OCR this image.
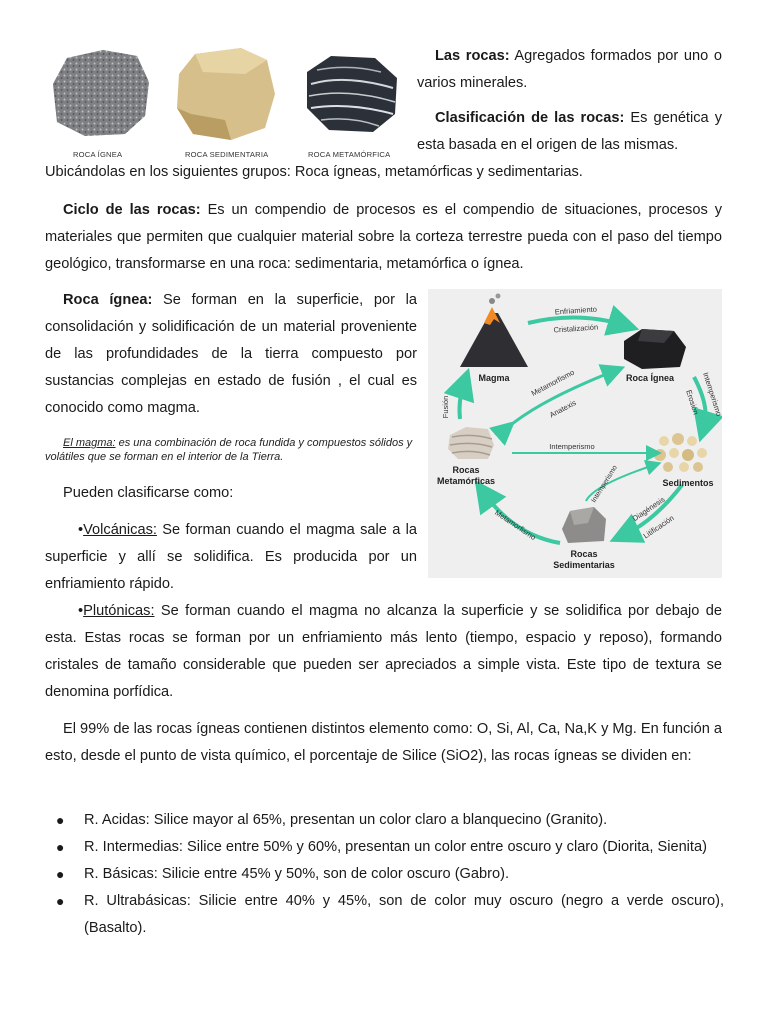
ROCA ÍGNEA	ROCA SEDIMENTARIA	ROCA METAMÓRFICA

Las rocas: Agregados formados por uno o varios minerales.

Clasificación de las rocas: Es genética y esta basada en el origen de las mismas.

Ubicándolas en los siguientes grupos: Roca ígneas, metamórficas y sedimentarias.

Ciclo de las rocas: Es un compendio de procesos es el compendio de situaciones, procesos y materiales que permiten que cualquier material sobre la corteza terrestre pueda con el paso del tiempo geológico, transformarse en una roca: sedimentaria, metamórfica o ígnea.

Roca ígnea: Se forman en la superficie, por la consolidación y solidificación de un material proveniente de las profundidades de la tierra compuesto por sustancias complejas en estado de fusión , el cual es conocido como magma.

El magma: es una combinación de roca fundida y compuestos sólidos y volátiles que se forman en el interior de la Tierra.

Pueden clasificarse como:

•Volcánicas: Se forman cuando el magma sale a la superficie y allí se solidifica. Es producida por un enfriamiento rápido.

•Plutónicas: Se forman cuando el magma no alcanza la superficie y se solidifica por debajo de esta. Estas rocas se forman por un enfriamiento más lento (tiempo, espacio y reposo), formando cristales de tamaño considerable que pueden ser apreciados a simple vista. Este tipo de textura se denomina porfídica.

El 99% de las rocas ígneas contienen distintos elemento como: O, Si, Al, Ca, Na,K y Mg. En función a esto, desde el punto de vista químico, el porcentaje de Silice (SiO2), las rocas ígneas se dividen en:

● R. Acidas: Silice mayor al 65%, presentan un color claro a blanquecino (Granito).
● R. Intermedias: Silice entre 50% y 60%, presentan un color entre oscuro y claro (Diorita, Sienita)
● R. Básicas: Silicie entre 45% y 50%, son de color oscuro (Gabro).
● R. Ultrabásicas: Silicie entre 40% y 45%, son de color muy oscuro (negro a verde oscuro), (Basalto).
Magma	Roca Ígnea
Rocas
Metamórficas	Sedimentos
Rocas
Sedimentarias
Enfriamiento
Cristalización
Metamorfismo
Anatexis
Fusión	Intemperismo
Erosión
Intemperismo
Intemperismo
Metamorfismo	Diagénesis
Litificación
